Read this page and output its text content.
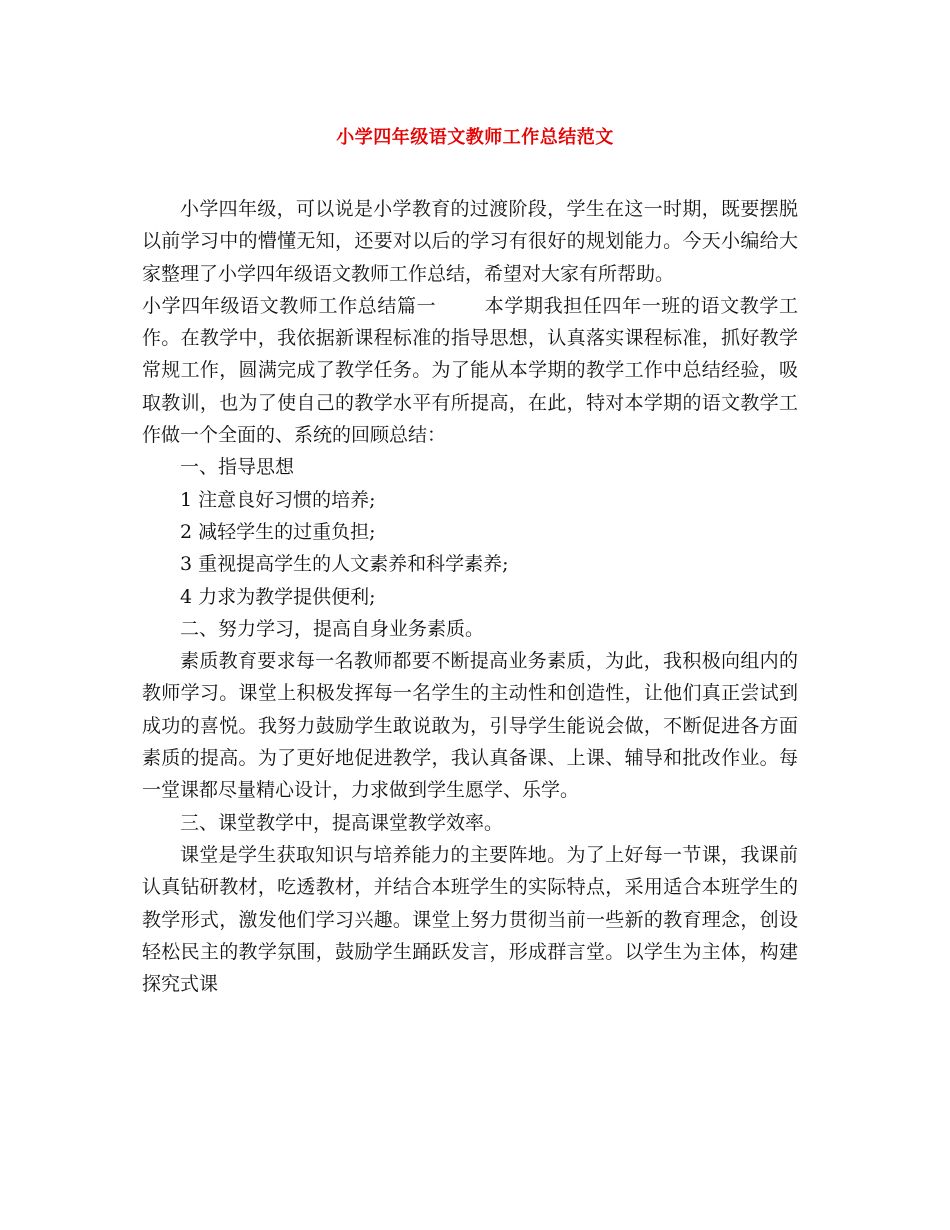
小学四年级语文教师工作总结范文

小学四年级，可以说是小学教育的过渡阶段，学生在这一时期，既要摆脱以前学习中的懵懂无知，还要对以后的学习有很好的规划能力。今天小编给大家整理了小学四年级语文教师工作总结，希望对大家有所帮助。

小学四年级语文教师工作总结篇一	本学期我担任四年一班的语文教学工作。在教学中，我依据新课程标准的指导思想，认真落实课程标准，抓好教学常规工作，圆满完成了教学任务。为了能从本学期的教学工作中总结经验，吸取教训，也为了使自己的教学水平有所提高，在此，特对本学期的语文教学工作做一个全面的、系统的回顾总结：

一、指导思想

1 注意良好习惯的培养;

2 减轻学生的过重负担;

3 重视提高学生的人文素养和科学素养;

4 力求为教学提供便利;

二、努力学习，提高自身业务素质。

素质教育要求每一名教师都要不断提高业务素质，为此，我积极向组内的教师学习。课堂上积极发挥每一名学生的主动性和创造性，让他们真正尝试到成功的喜悦。我努力鼓励学生敢说敢为，引导学生能说会做，不断促进各方面素质的提高。为了更好地促进教学，我认真备课、上课、辅导和批改作业。每一堂课都尽量精心设计，力求做到学生愿学、乐学。

三、课堂教学中，提高课堂教学效率。

课堂是学生获取知识与培养能力的主要阵地。为了上好每一节课，我课前认真钻研教材，吃透教材，并结合本班学生的实际特点，采用适合本班学生的教学形式，激发他们学习兴趣。课堂上努力贯彻当前一些新的教育理念，创设轻松民主的教学氛围，鼓励学生踊跃发言，形成群言堂。以学生为主体，构建探究式课
